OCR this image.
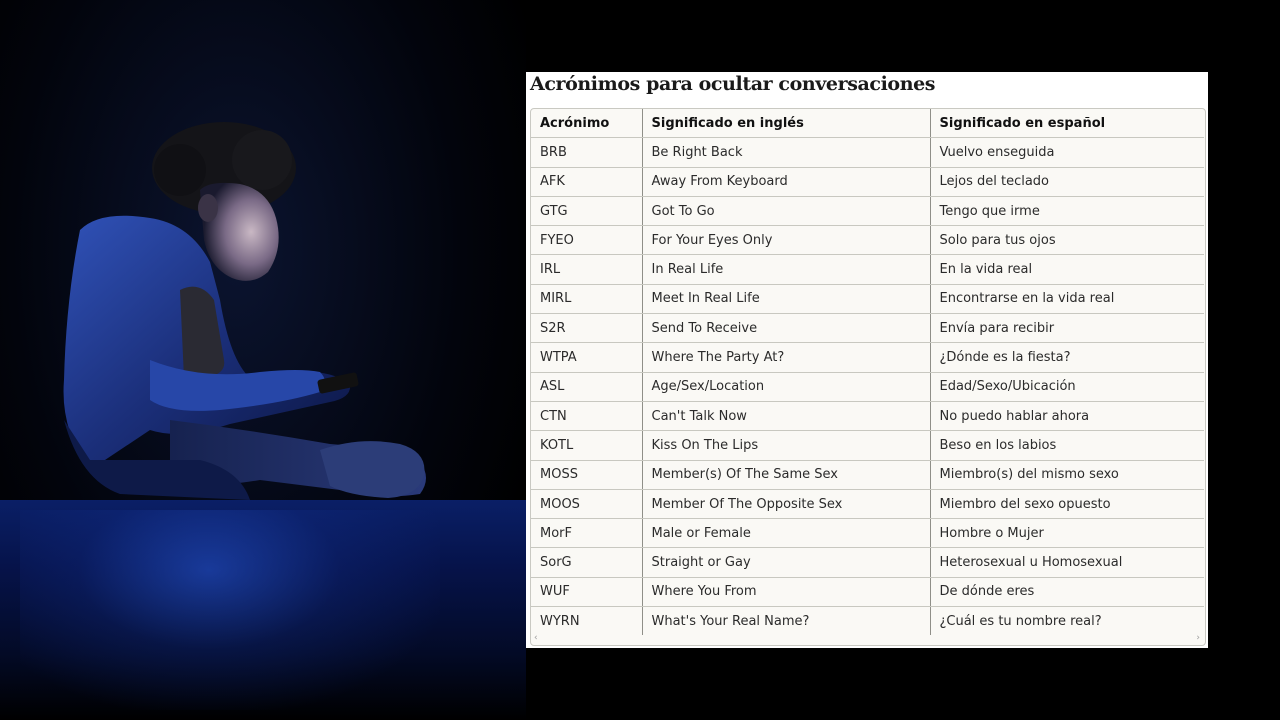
Acrónimos para ocultar conversaciones
Acrónimo	Significado en inglés	Significado en español
BRB	Be Right Back	Vuelvo enseguida
AFK	Away From Keyboard	Lejos del teclado
GTG	Got To Go	Tengo que irme
FYEO	For Your Eyes Only	Solo para tus ojos
IRL	In Real Life	En la vida real
MIRL	Meet In Real Life	Encontrarse en la vida real
S2R	Send To Receive	Envía para recibir
WTPA	Where The Party At?	¿Dónde es la fiesta?
ASL	Age/Sex/Location	Edad/Sexo/Ubicación
CTN	Can't Talk Now	No puedo hablar ahora
KOTL	Kiss On The Lips	Beso en los labios
MOSS	Member(s) Of The Same Sex	Miembro(s) del mismo sexo
MOOS	Member Of The Opposite Sex	Miembro del sexo opuesto
MorF	Male or Female	Hombre o Mujer
SorG	Straight or Gay	Heterosexual u Homosexual
WUF	Where You From	De dónde eres
WYRN	What's Your Real Name?	¿Cuál es tu nombre real?
‹	›
